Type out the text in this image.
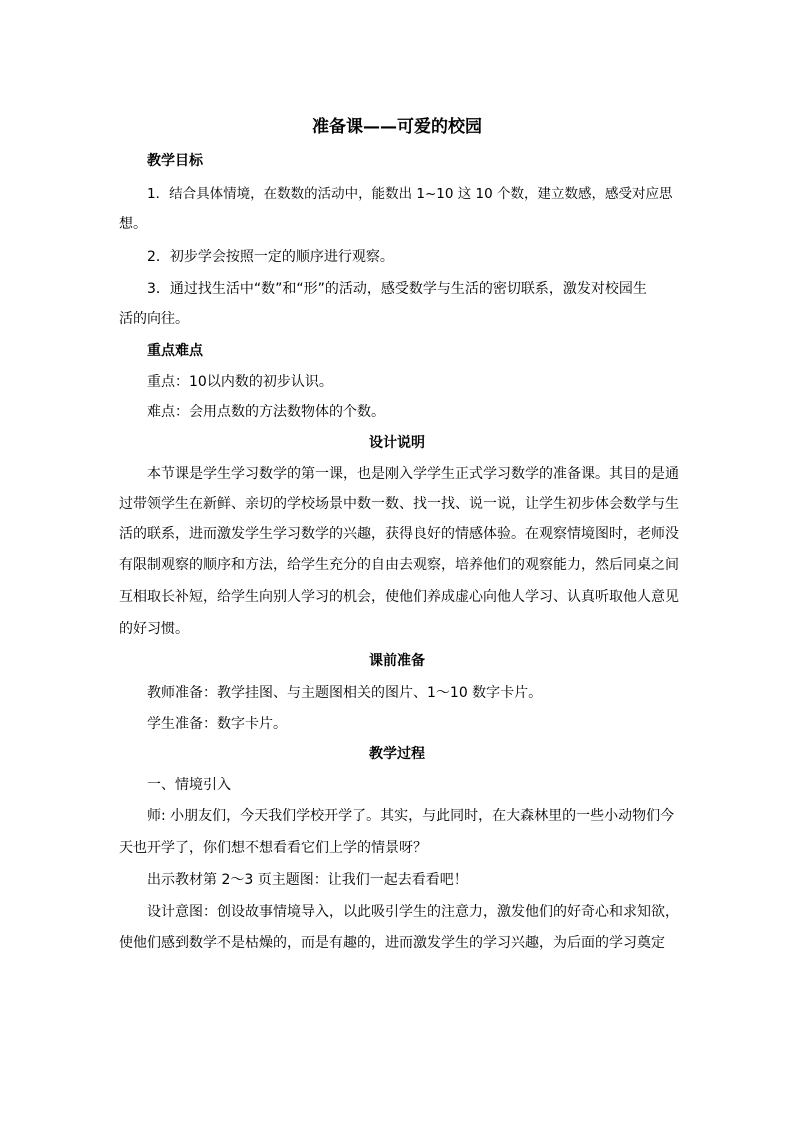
准备课——可爱的校园
教学目标
1．结合具体情境，在数数的活动中，能数出 1~10 这 10 个数，建立数感，感受对应思
想。
2．初步学会按照一定的顺序进行观察。
3．通过找生活中“数”和“形”的活动，感受数学与生活的密切联系，激发对校园生
活的向往。
重点难点
重点：10以内数的初步认识。
难点：会用点数的方法数物体的个数。
设计说明
本节课是学生学习数学的第一课，也是刚入学学生正式学习数学的准备课。其目的是通
过带领学生在新鲜、亲切的学校场景中数一数、找一找、说一说，让学生初步体会数学与生
活的联系，进而激发学生学习数学的兴趣，获得良好的情感体验。在观察情境图时，老师没
有限制观察的顺序和方法，给学生充分的自由去观察，培养他们的观察能力，然后同桌之间
互相取长补短，给学生向别人学习的机会，使他们养成虚心向他人学习、认真听取他人意见
的好习惯。
课前准备
教师准备：教学挂图、与主题图相关的图片、1～10 数字卡片。
学生准备：数字卡片。
教学过程
一、情境引入
师: 小朋友们，今天我们学校开学了。其实，与此同时，在大森林里的一些小动物们今
天也开学了，你们想不想看看它们上学的情景呀？
出示教材第 2～3 页主题图：让我们一起去看看吧！
设计意图：创设故事情境导入，以此吸引学生的注意力，激发他们的好奇心和求知欲，
使他们感到数学不是枯燥的，而是有趣的，进而激发学生的学习兴趣，为后面的学习奠定
